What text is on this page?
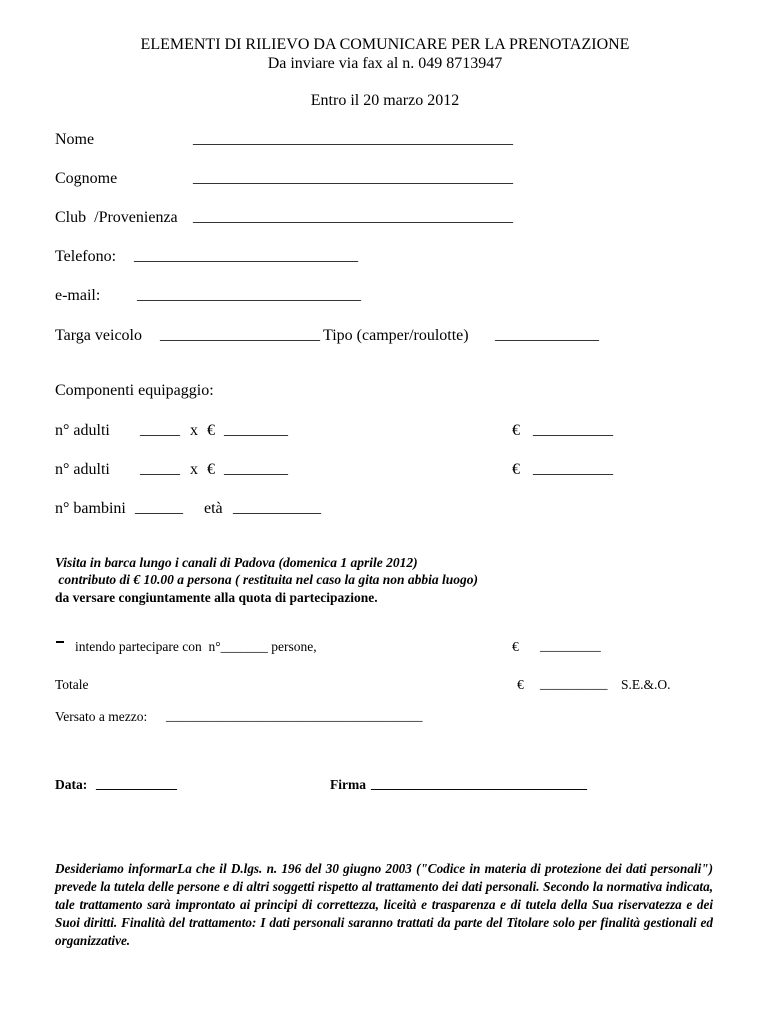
ELEMENTI DI RILIEVO DA COMUNICARE PER LA PRENOTAZIONE
Da inviare via fax al n. 049 8713947
Entro il 20 marzo 2012
Nome	________________________________________
Cognome	________________________________________
Club  /Provenienza ________________________________________
Telefono: ____________________________
e-mail: ____________________________
Targa veicolo ____________________ Tipo (camper/roulotte) _____________
Componenti equipaggio:
n° adulti _____ x € ________	€ __________
n° adulti _____ x € ________	€ __________
n° bambini ______ età ___________
Visita in barca lungo i canali di Padova (domenica 1 aprile 2012)
contributo di € 10.00 a persona ( restituita nel caso la gita non abbia luogo)
da versare congiuntamente alla quota di partecipazione.
intendo partecipare con  n°_______ persone,	€ _________
Totale	€ __________ S.E.&.O.
Versato a mezzo: ______________________________________
Data: ____________	Firma ________________________________
Desideriamo informarLa che il D.lgs. n. 196 del 30 giugno 2003 ("Codice in materia di protezione dei dati personali") prevede la tutela delle persone e di altri soggetti rispetto al trattamento dei dati personali. Secondo la normativa indicata, tale trattamento sarà improntato ai principi di correttezza, liceità e trasparenza e di tutela della Sua riservatezza e dei Suoi diritti. Finalità del trattamento: I dati personali saranno trattati da parte del Titolare solo per finalità gestionali ed organizzative.
